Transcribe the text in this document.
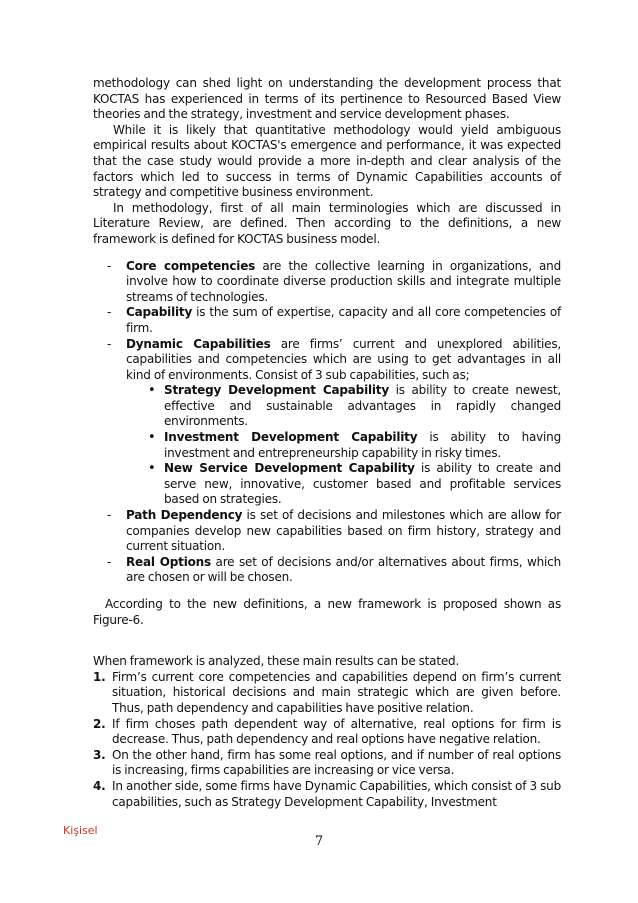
methodology can shed light on understanding the development process that KOCTAS has experienced in terms of its pertinence to Resourced Based View theories and the strategy, investment and service development phases.

While it is likely that quantitative methodology would yield ambiguous empirical results about KOCTAS's emergence and performance, it was expected that the case study would provide a more in-depth and clear analysis of the factors which led to success in terms of Dynamic Capabilities accounts of strategy and competitive business environment.

In methodology, first of all main terminologies which are discussed in Literature Review, are defined. Then according to the definitions, a new framework is defined for KOCTAS business model.

- Core competencies are the collective learning in organizations, and involve how to coordinate diverse production skills and integrate multiple streams of technologies.
- Capability is the sum of expertise, capacity and all core competencies of firm.
- Dynamic Capabilities are firms’ current and unexplored abilities, capabilities and competencies which are using to get advantages in all kind of environments. Consist of 3 sub capabilities, such as;
• Strategy Development Capability is ability to create newest, effective and sustainable advantages in rapidly changed environments.
• Investment Development Capability is ability to having investment and entrepreneurship capability in risky times.
• New Service Development Capability is ability to create and serve new, innovative, customer based and profitable services based on strategies.
- Path Dependency is set of decisions and milestones which are allow for companies develop new capabilities based on firm history, strategy and current situation.
- Real Options are set of decisions and/or alternatives about firms, which are chosen or will be chosen.

According to the new definitions, a new framework is proposed shown as Figure-6.

When framework is analyzed, these main results can be stated.

1. Firm’s current core competencies and capabilities depend on firm’s current situation, historical decisions and main strategic which are given before. Thus, path dependency and capabilities have positive relation.
2. If firm choses path dependent way of alternative, real options for firm is decrease. Thus, path dependency and real options have negative relation.
3. On the other hand, firm has some real options, and if number of real options is increasing, firms capabilities are increasing or vice versa.
4. In another side, some firms have Dynamic Capabilities, which consist of 3 sub capabilities, such as Strategy Development Capability, Investment
Kişisel
7
